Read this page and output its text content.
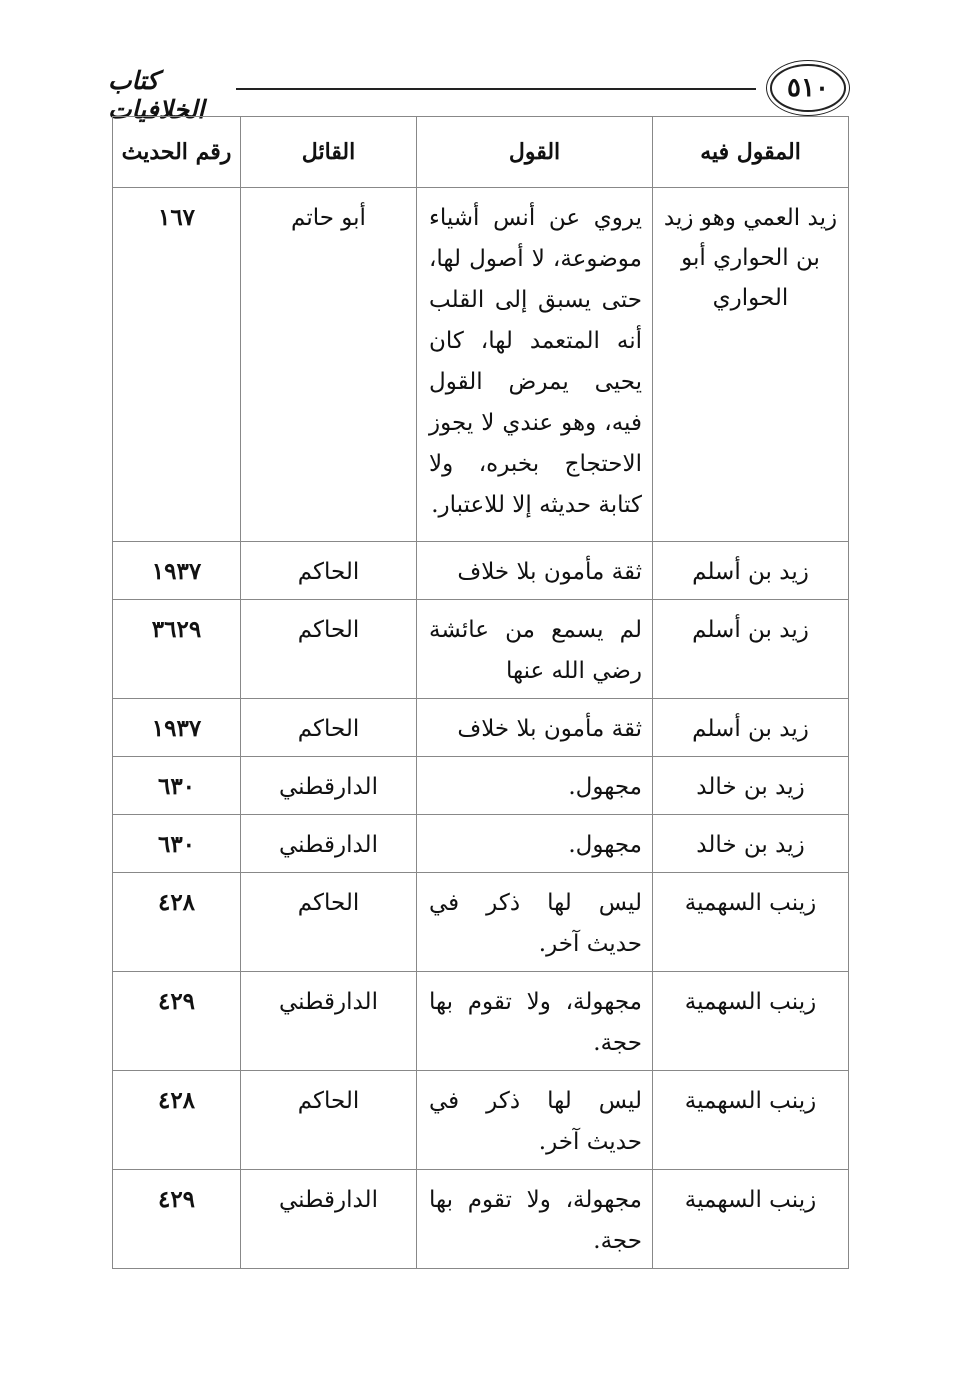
كتاب الخلافيات
٥١٠
المقول فيه	القول	القائل	رقم الحديث
زيد العمي وهو زيد بن الحواري أبو الحواري	يروي عن أنس أشياء موضوعة، لا أصول لها، حتى يسبق إلى القلب أنه المتعمد لها، كان يحيى يمرض القول فيه، وهو عندي لا يجوز الاحتجاج بخبره، ولا كتابة حديثه إلا للاعتبار.	أبو حاتم	١٦٧
زيد بن أسلم	ثقة مأمون بلا خلاف	الحاكم	١٩٣٧
زيد بن أسلم	لم يسمع من عائشة رضي الله عنها	الحاكم	٣٦٢٩
زيد بن أسلم	ثقة مأمون بلا خلاف	الحاكم	١٩٣٧
زيد بن خالد	مجهول.	الدارقطني	٦٣٠
زيد بن خالد	مجهول.	الدارقطني	٦٣٠
زينب السهمية	ليس لها ذكر في حديث آخر.	الحاكم	٤٢٨
زينب السهمية	مجهولة، ولا تقوم بها حجة.	الدارقطني	٤٢٩
زينب السهمية	ليس لها ذكر في حديث آخر.	الحاكم	٤٢٨
زينب السهمية	مجهولة، ولا تقوم بها حجة.	الدارقطني	٤٢٩
